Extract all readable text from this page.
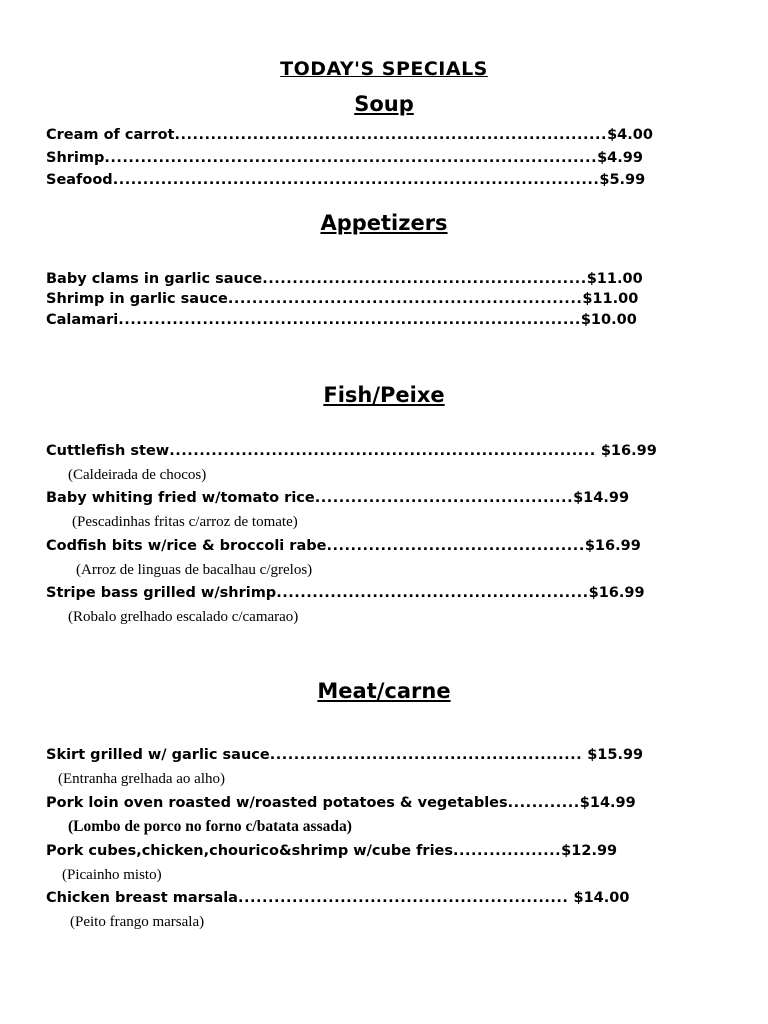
TODAY'S SPECIALS
Soup

Cream of carrot........................................................................$4.00

Shrimp..................................................................................$4.99

Seafood.................................................................................$5.99

Appetizers

Baby clams in garlic sauce......................................................$11.00

Shrimp in garlic sauce...........................................................$11.00

Calamari.............................................................................$10.00

Fish/Peixe

Cuttlefish stew....................................................................... $16.99

(Caldeirada de chocos)

Baby whiting fried w/tomato rice...........................................$14.99

(Pescadinhas fritas c/arroz de tomate)

Codfish bits w/rice & broccoli rabe...........................................$16.99

(Arroz de linguas de bacalhau c/grelos)

Stripe bass grilled w/shrimp....................................................$16.99

(Robalo grelhado escalado c/camarao)

Meat/carne

Skirt grilled w/ garlic sauce.................................................... $15.99

(Entranha grelhada ao alho)

Pork loin oven roasted w/roasted potatoes & vegetables............$14.99

(Lombo de porco no forno c/batata assada)

Pork cubes,chicken,chourico&shrimp w/cube fries..................$12.99

(Picainho misto)

Chicken breast marsala....................................................... $14.00

(Peito frango marsala)
